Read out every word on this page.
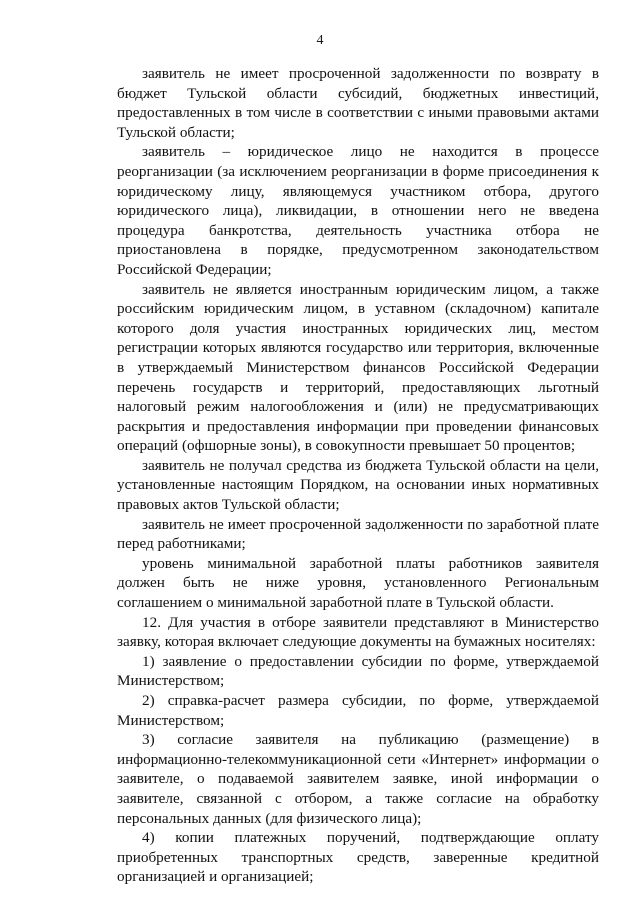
4

заявитель не имеет просроченной задолженности по возврату в бюджет Тульской области субсидий, бюджетных инвестиций, предоставленных в том числе в соответствии с иными правовыми актами Тульской области;

заявитель – юридическое лицо не находится в процессе реорганизации (за исключением реорганизации в форме присоединения к юридическому лицу, являющемуся участником отбора, другого юридического лица), ликвидации, в отношении него не введена процедура банкротства, деятельность участника отбора не приостановлена в порядке, предусмотренном законодательством Российской Федерации;

заявитель не является иностранным юридическим лицом, а также российским юридическим лицом, в уставном (складочном) капитале которого доля участия иностранных юридических лиц, местом регистрации которых являются государство или территория, включенные в утверждаемый Министерством финансов Российской Федерации перечень государств и территорий, предоставляющих льготный налоговый режим налогообложения и (или) не предусматривающих раскрытия и предоставления информации при проведении финансовых операций (офшорные зоны), в совокупности превышает 50 процентов;

заявитель не получал средства из бюджета Тульской области на цели, установленные настоящим Порядком, на основании иных нормативных правовых актов Тульской области;

заявитель не имеет просроченной задолженности по заработной плате перед работниками;

уровень минимальной заработной платы работников заявителя должен быть не ниже уровня, установленного Региональным соглашением о минимальной заработной плате в Тульской области.

12. Для участия в отборе заявители представляют в Министерство заявку, которая включает следующие документы на бумажных носителях:

1) заявление о предоставлении субсидии по форме, утверждаемой Министерством;

2) справка-расчет размера субсидии, по форме, утверждаемой Министерством;

3) согласие заявителя на публикацию (размещение) в информационно-телекоммуникационной сети «Интернет» информации о заявителе, о подаваемой заявителем заявке, иной информации о заявителе, связанной с отбором, а также согласие на обработку персональных данных (для физического лица);

4) копии платежных поручений, подтверждающие оплату приобретенных транспортных средств, заверенные кредитной организацией и организацией;
